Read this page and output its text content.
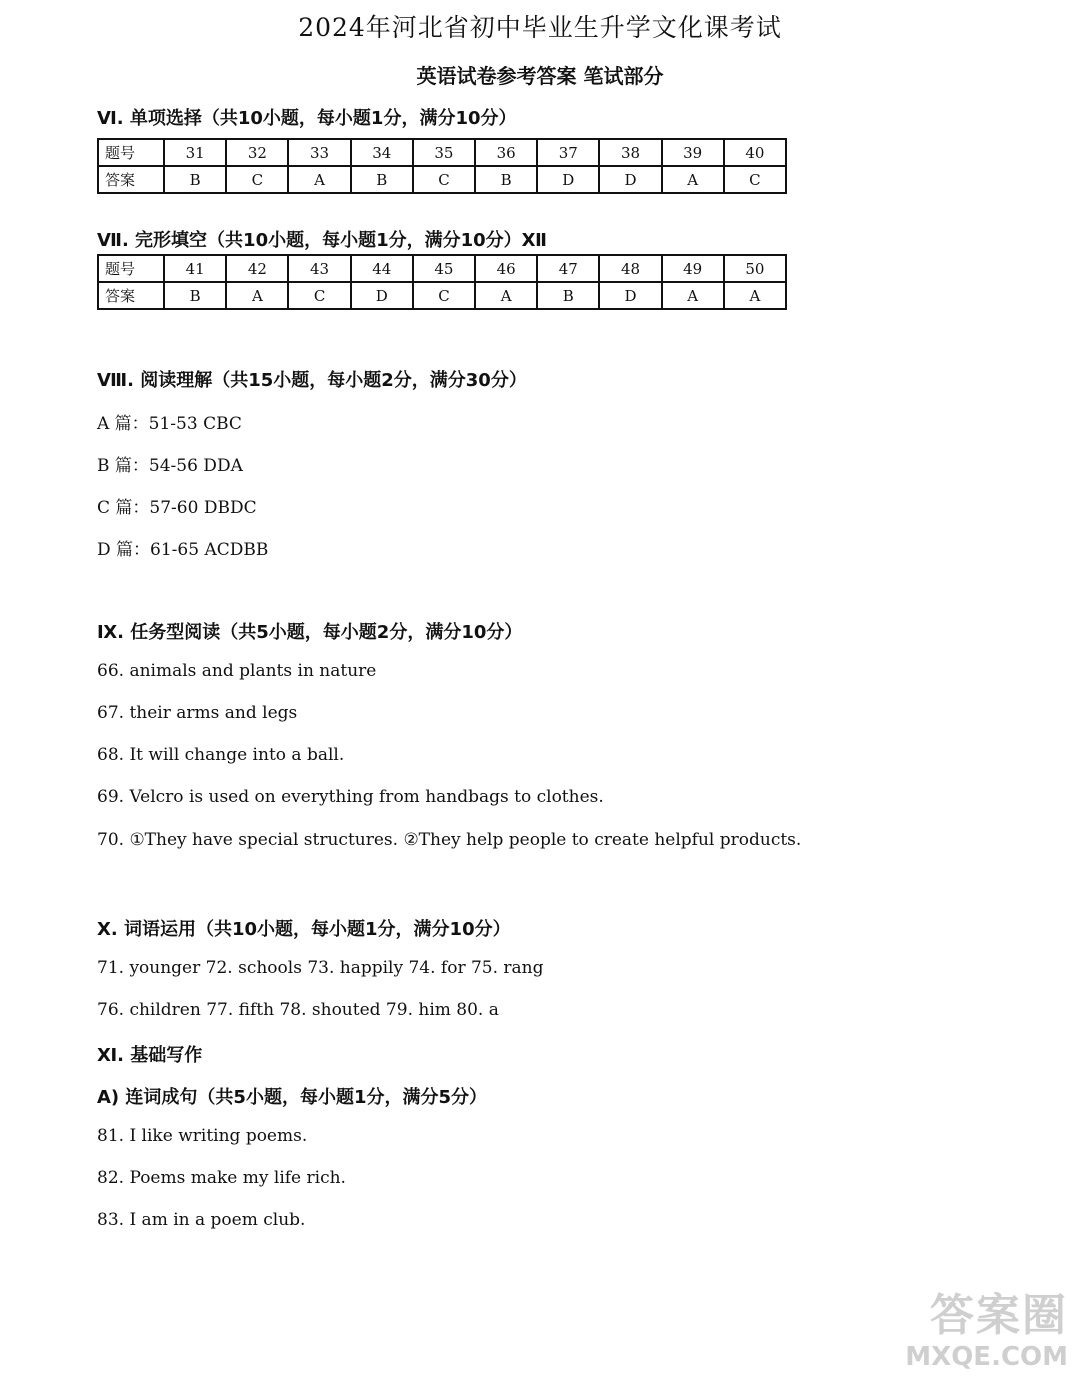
2024年河北省初中毕业生升学文化课考试
英语试卷参考答案 笔试部分
Ⅵ. 单项选择（共10小题，每小题1分，满分10分）
题号	31	32	33	34	35	36	37	38	39	40
答案	B	C	A	B	C	B	D	D	A	C
Ⅶ. 完形填空（共10小题，每小题1分，满分10分）Ⅻ
题号	41	42	43	44	45	46	47	48	49	50
答案	B	A	C	D	C	A	B	D	A	A
Ⅷ. 阅读理解（共15小题，每小题2分，满分30分）
A 篇：51-53 CBC
B 篇：54-56 DDA
C 篇：57-60 DBDC
D 篇：61-65 ACDBB
Ⅸ. 任务型阅读（共5小题，每小题2分，满分10分）
66. animals and plants in nature
67. their arms and legs
68. It will change into a ball.
69. Velcro is used on everything from handbags to clothes.
70. ①They have special structures. ②They help people to create helpful products.
Ⅹ. 词语运用（共10小题，每小题1分，满分10分）
71. younger 72. schools 73. happily 74. for 75. rang
76. children 77. fifth 78. shouted 79. him 80. a
Ⅺ. 基础写作
A) 连词成句（共5小题，每小题1分，满分5分）
81. I like writing poems.
82. Poems make my life rich.
83. I am in a poem club.
答案圈
MXQE.COM
